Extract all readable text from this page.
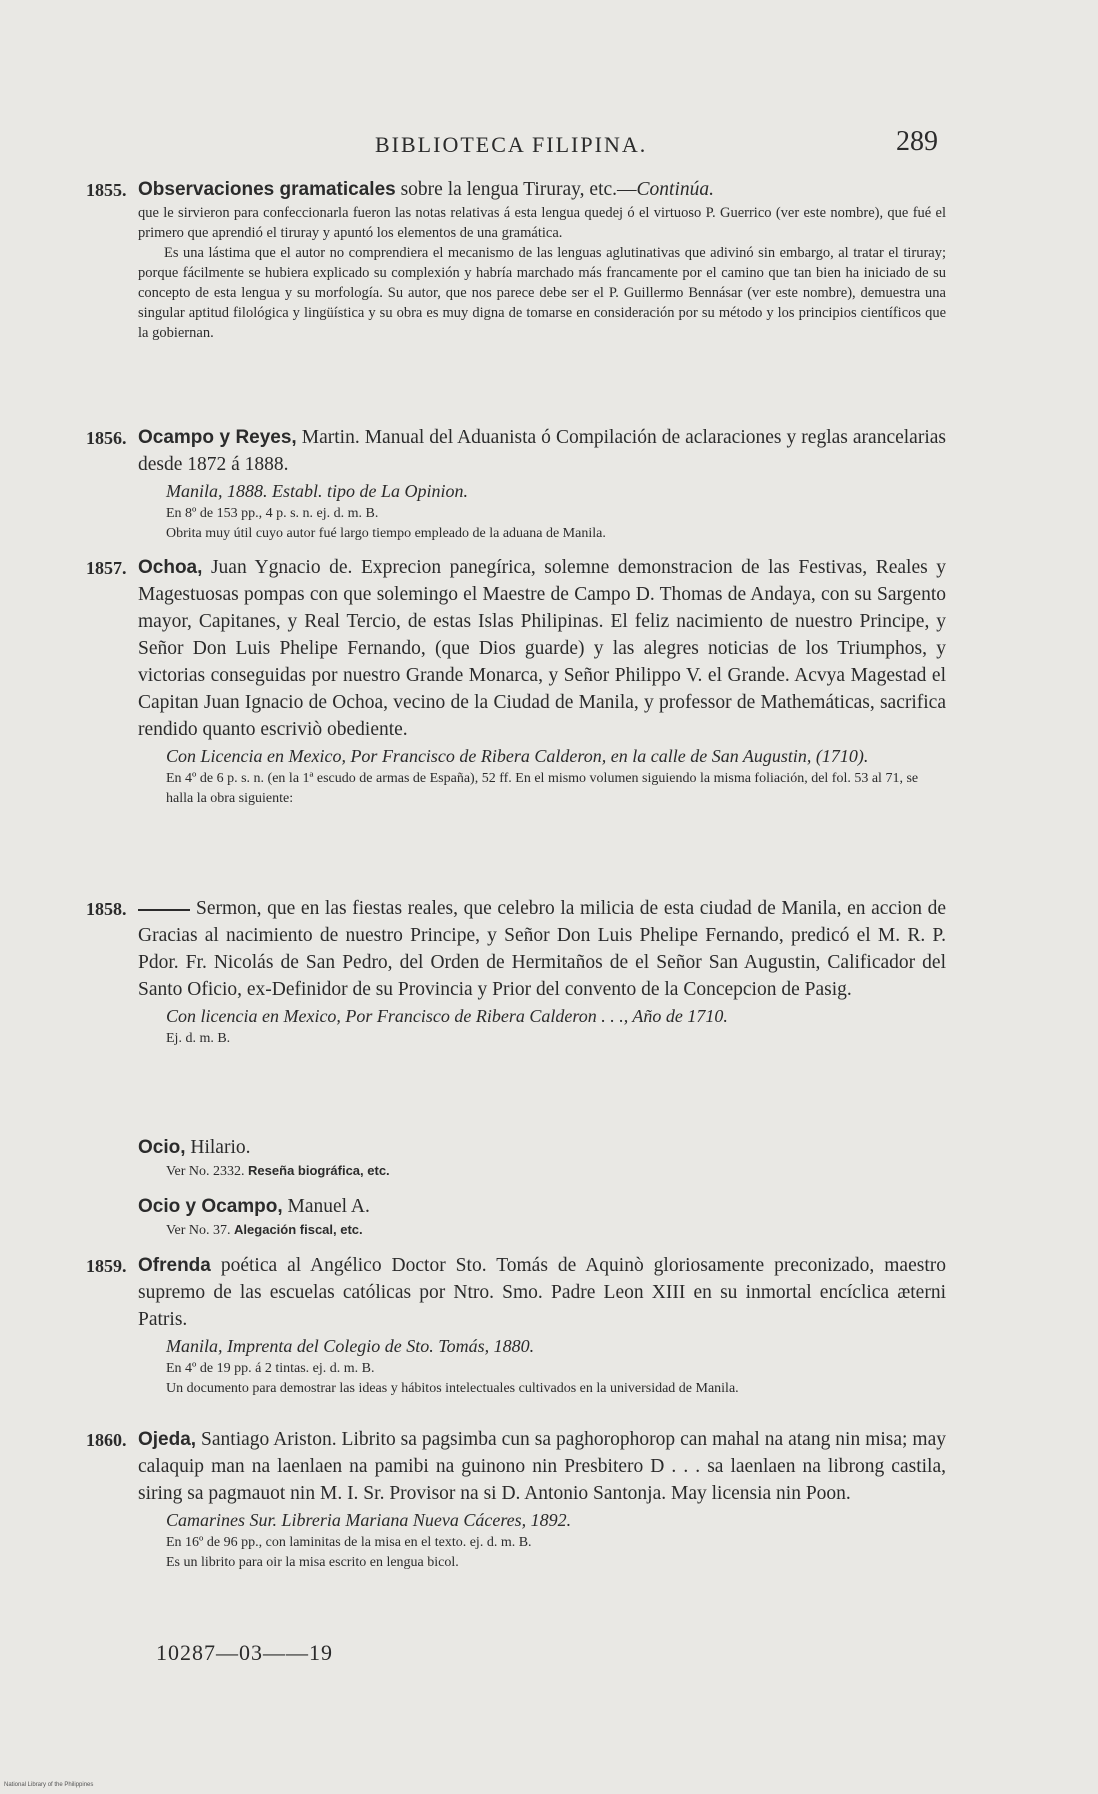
BIBLIOTECA FILIPINA.	289
1855. Observaciones gramaticales sobre la lengua Tiruray, etc.—Continúa.
que le sirvieron para confeccionarla fueron las notas relativas á esta lengua quedej ó el virtuoso P. Guerrico (ver este nombre), que fué el primero que aprendió el tiruray y apuntó los elementos de una gramática.
Es una lástima que el autor no comprendiera el mecanismo de las lenguas aglutinativas que adivinó sin embargo, al tratar el tiruray; porque fácilmente se hubiera explicado su complexión y habría marchado más francamente por el camino que tan bien ha iniciado de su concepto de esta lengua y su morfología. Su autor, que nos parece debe ser el P. Guillermo Bennásar (ver este nombre), demuestra una singular aptitud filológica y lingüística y su obra es muy digna de tomarse en consideración por su método y los principios científicos que la gobiernan.
1856. Ocampo y Reyes, Martin. Manual del Aduanista ó Compilación de aclaraciones y reglas arancelarias desde 1872 á 1888.
Manila, 1888. Establ. tipo de La Opinion.
En 8º de 153 pp., 4 p. s. n. ej. d. m. B.
Obrita muy útil cuyo autor fué largo tiempo empleado de la aduana de Manila.
1857. Ochoa, Juan Ygnacio de. Exprecion panegírica, solemne demonstracion de las Festivas, Reales y Magestuosas pompas con que solemingo el Maestre de Campo D. Thomas de Andaya, con su Sargento mayor, Capitanes, y Real Tercio, de estas Islas Philipinas. El feliz nacimiento de nuestro Principe, y Señor Don Luis Phelipe Fernando, (que Dios guarde) y las alegres noticias de los Triumphos, y victorias conseguidas por nuestro Grande Monarca, y Señor Philippo V. el Grande. Acvya Magestad el Capitan Juan Ignacio de Ochoa, vecino de la Ciudad de Manila, y professor de Mathemáticas, sacrifica rendido quanto escriviò obediente.
Con Licencia en Mexico, Por Francisco de Ribera Calderon, en la calle de San Augustin, (1710).
En 4º de 6 p. s. n. (en la 1ª escudo de armas de España), 52 ff. En el mismo volumen siguiendo la misma foliación, del fol. 53 al 71, se halla la obra siguiente:
1858.	Sermon, que en las fiestas reales, que celebro la milicia de esta ciudad de Manila, en accion de Gracias al nacimiento de nuestro Principe, y Señor Don Luis Phelipe Fernando, predicó el M. R. P. Pdor. Fr. Nicolás de San Pedro, del Orden de Hermitaños de el Señor San Augustin, Calificador del Santo Oficio, ex-Definidor de su Provincia y Prior del convento de la Concepcion de Pasig.
Con licencia en Mexico, Por Francisco de Ribera Calderon . . ., Año de 1710.
Ej. d. m. B.
Ocio, Hilario.
Ver No. 2332. Reseña biográfica, etc.
Ocio y Ocampo, Manuel A.
Ver No. 37. Alegación fiscal, etc.
1859. Ofrenda poética al Angélico Doctor Sto. Tomás de Aquinò gloriosamente preconizado, maestro supremo de las escuelas católicas por Ntro. Smo. Padre Leon XIII en su inmortal encíclica æterni Patris.
Manila, Imprenta del Colegio de Sto. Tomás, 1880.
En 4º de 19 pp. á 2 tintas. ej. d. m. B.
Un documento para demostrar las ideas y hábitos intelectuales cultivados en la universidad de Manila.
1860. Ojeda, Santiago Ariston. Librito sa pagsimba cun sa paghorophorop can mahal na atang nin misa; may calaquip man na laenlaen na pamibi na guinono nin Presbitero D . . . sa laenlaen na librong castila, siring sa pagmauot nin M. I. Sr. Provisor na si D. Antonio Santonja. May licensia nin Poon.
Camarines Sur. Libreria Mariana Nueva Cáceres, 1892.
En 16º de 96 pp., con laminitas de la misa en el texto. ej. d. m. B.
Es un librito para oir la misa escrito en lengua bicol.
10287—03——19
National Library of the Philippines
